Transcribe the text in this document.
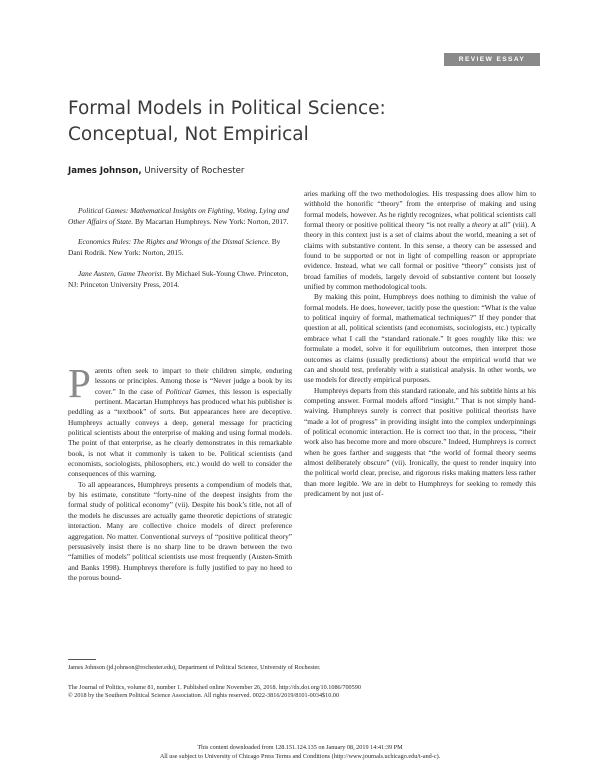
REVIEW ESSAY
Formal Models in Political Science:
Conceptual, Not Empirical
James Johnson, University of Rochester

Political Games: Mathematical Insights on Fighting, Voting, Lying and Other Affairs of State. By Macartan Humphreys. New York: Norton, 2017.

Economics Rules: The Rights and Wrongs of the Dismal Science. By Dani Rodrik. New York: Norton, 2015.

Jane Austen, Game Theorist. By Michael Suk-Young Chwe. Princeton, NJ: Princeton University Press, 2014.

Parents often seek to impart to their children simple, enduring lessons or principles. Among those is “Never judge a book by its cover.” In the case of Political Games, this lesson is especially pertinent. Macartan Humphreys has produced what his publisher is peddling as a “textbook” of sorts. But appearances here are deceptive. Humphreys actually conveys a deep, general message for practicing political scientists about the enterprise of making and using formal models. The point of that enterprise, as he clearly demonstrates in this remarkable book, is not what it commonly is taken to be. Political scientists (and economists, sociologists, philosophers, etc.) would do well to consider the consequences of this warning.

To all appearances, Humphreys presents a compendium of models that, by his estimate, constitute “forty-nine of the deepest insights from the formal study of political economy” (vii). Despite his book’s title, not all of the models he discusses are actually game theoretic depictions of strategic interaction. Many are collective choice models of direct preference aggregation. No matter. Conventional surveys of “positive political theory” persuasively insist there is no sharp line to be drawn between the two “families of models” political scientists use most frequently (Austen-Smith and Banks 1998). Humphreys therefore is fully justified to pay no heed to the porous bound-

aries marking off the two methodologies. His trespassing does allow him to withhold the honorific “theory” from the enterprise of making and using formal models, however. As he rightly recognizes, what political scientists call formal theory or positive political theory “is not really a theory at all” (viii). A theory in this context just is a set of claims about the world, meaning a set of claims with substantive content. In this sense, a theory can be assessed and found to be supported or not in light of compelling reason or appropriate evidence. Instead, what we call formal or positive “theory” consists just of broad families of models, largely devoid of substantive content but loosely unified by common methodological tools.

By making this point, Humphreys does nothing to diminish the value of formal models. He does, however, tacitly pose the question: “What is the value to political inquiry of formal, mathematical techniques?” If they ponder that question at all, political scientists (and economists, sociologists, etc.) typically embrace what I call the “standard rationale.” It goes roughly like this: we formulate a model, solve it for equilibrium outcomes, then interpret those outcomes as claims (usually predictions) about the empirical world that we can and should test, preferably with a statistical analysis. In other words, we use models for directly empirical purposes.

Humphreys departs from this standard rationale, and his subtitle hints at his competing answer. Formal models afford “insight.” That is not simply hand-waiving. Humphreys surely is correct that positive political theorists have “made a lot of progress” in providing insight into the complex underpinnings of political economic interaction. He is correct too that, in the process, “their work also has become more and more obscure.” Indeed, Humphreys is correct when he goes farther and suggests that “the world of formal theory seems almost deliberately obscure” (vii). Ironically, the quest to render inquiry into the political world clear, precise, and rigorous risks making matters less rather than more legible. We are in debt to Humphreys for seeking to remedy this predicament by not just of-

James Johnson (jd.johnson@rochester.edu), Department of Political Science, University of Rochester.

The Journal of Politics, volume 81, number 1. Published online November 26, 2018. http://dx.doi.org/10.1086/700590

© 2018 by the Southern Political Science Association. All rights reserved. 0022-3816/2019/8101-0034$10.00

This content downloaded from 128.151.124.135 on January 08, 2019 14:41:39 PM

All use subject to University of Chicago Press Terms and Conditions (http://www.journals.uchicago.edu/t-and-c).
